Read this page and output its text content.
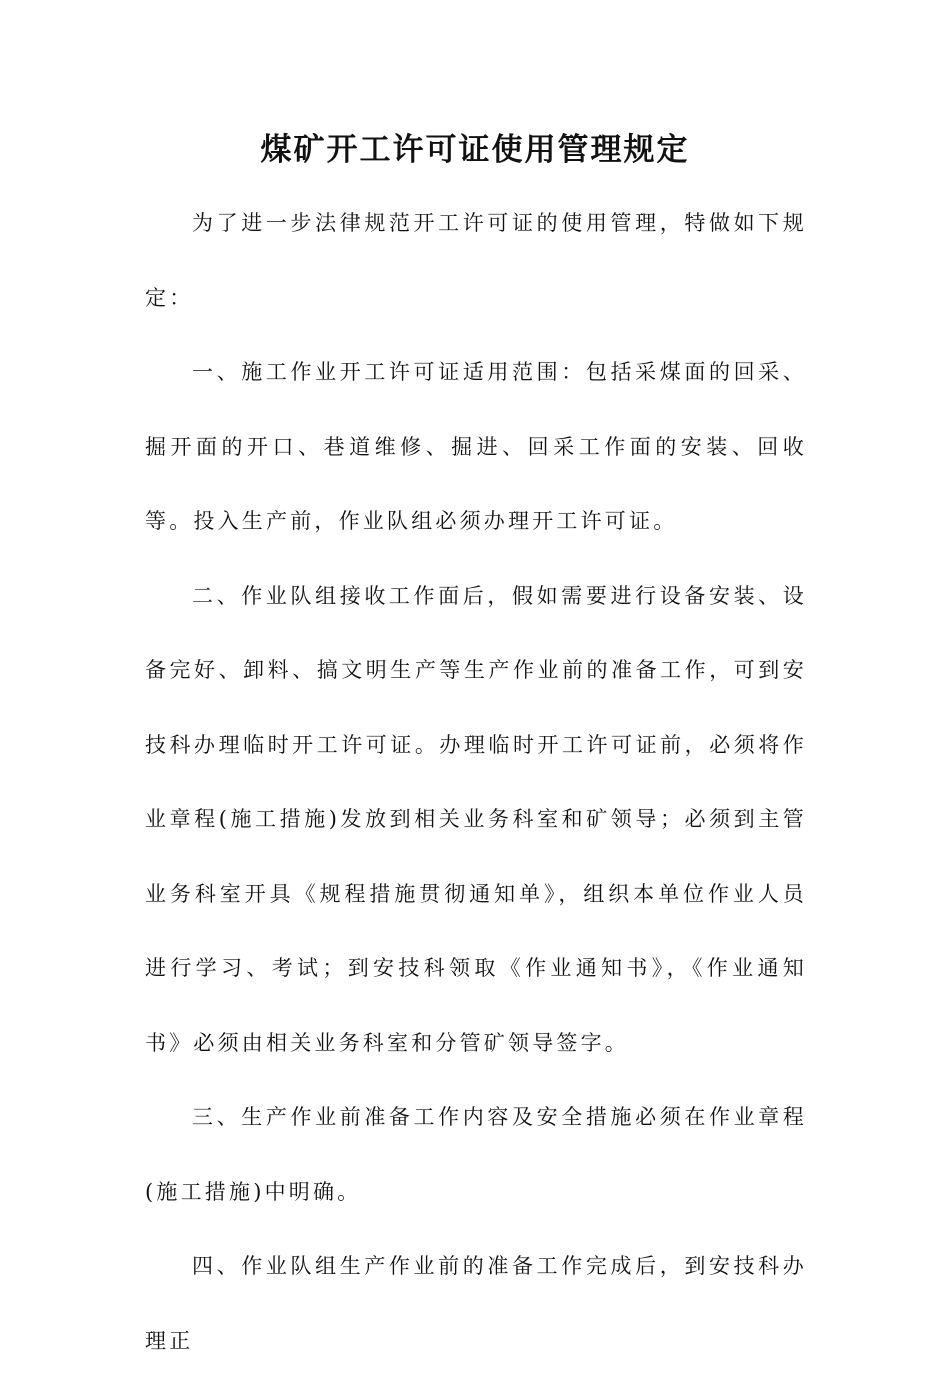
煤矿开工许可证使用管理规定

为了进一步法律规范开工许可证的使用管理，特做如下规定：

一、施工作业开工许可证适用范围：包括采煤面的回采、掘开面的开口、巷道维修、掘进、回采工作面的安装、回收等。投入生产前，作业队组必须办理开工许可证。

二、作业队组接收工作面后，假如需要进行设备安装、设备完好、卸料、搞文明生产等生产作业前的准备工作，可到安技科办理临时开工许可证。办理临时开工许可证前，必须将作业章程(施工措施)发放到相关业务科室和矿领导；必须到主管业务科室开具《规程措施贯彻通知单》，组织本单位作业人员进行学习、考试；到安技科领取《作业通知书》，《作业通知书》必须由相关业务科室和分管矿领导签字。

三、生产作业前准备工作内容及安全措施必须在作业章程(施工措施)中明确。

四、作业队组生产作业前的准备工作完成后，到安技科办理正
